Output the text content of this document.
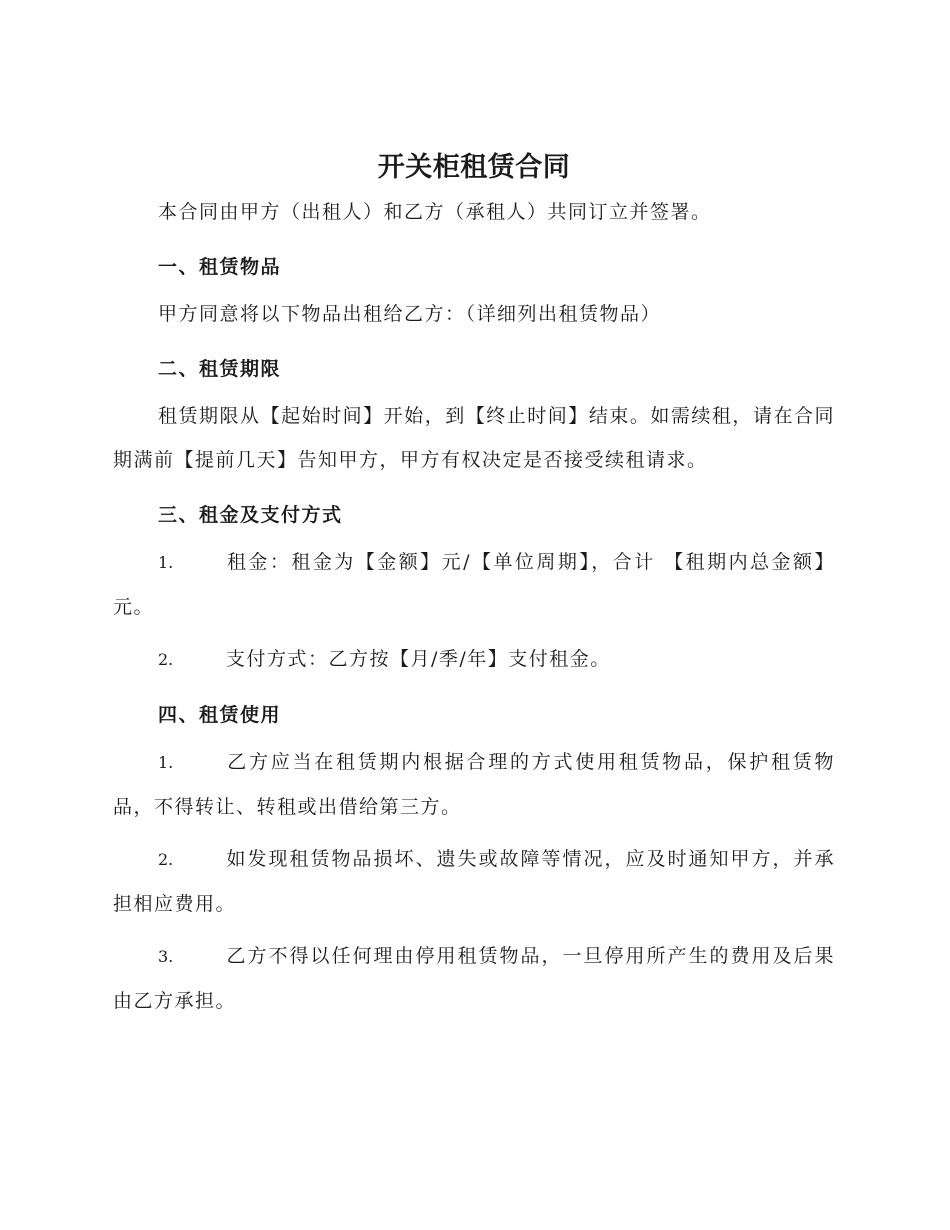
开关柜租赁合同

本合同由甲方（出租人）和乙方（承租人）共同订立并签署。

一、租赁物品

甲方同意将以下物品出租给乙方：（详细列出租赁物品）

二、租赁期限

租赁期限从【起始时间】开始，到【终止时间】结束。如需续租，请在合同期满前【提前几天】告知甲方，甲方有权决定是否接受续租请求。

三、租金及支付方式

1.	租金：租金为【金额】元/【单位周期】，合计 【租期内总金额】元。

2.	支付方式：乙方按【月/季/年】支付租金。

四、租赁使用

1.	乙方应当在租赁期内根据合理的方式使用租赁物品，保护租赁物品，不得转让、转租或出借给第三方。

2.	如发现租赁物品损坏、遗失或故障等情况，应及时通知甲方，并承担相应费用。

3.	乙方不得以任何理由停用租赁物品，一旦停用所产生的费用及后果由乙方承担。
